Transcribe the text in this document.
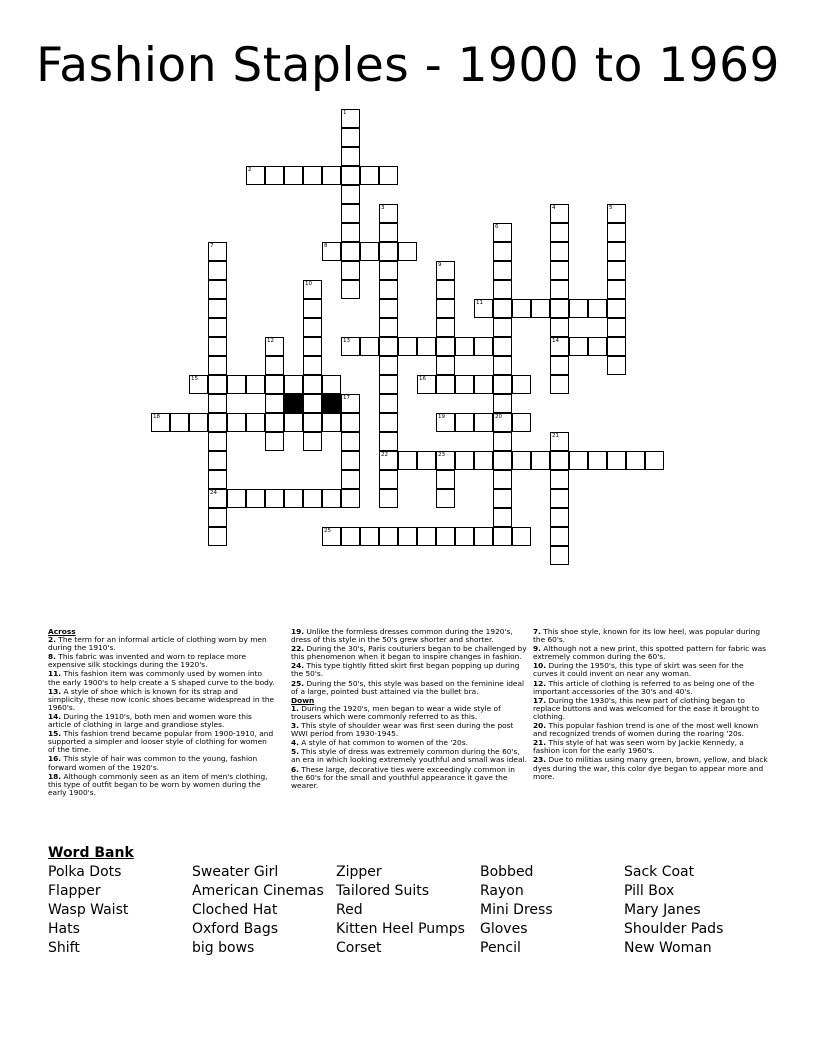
Fashion Staples - 1900 to 1969
1
2
3
22
4
14
5
6
20
7
24
8
9
10
11
12	13
15	16
17
18	19
21
23
25
Across

2. The term for an informal article of clothing worn by men during the 1910's.

8. This fabric was invented and worn to replace more expensive silk stockings during the 1920's.

11. This fashion item was commonly used by women into the early 1900's to help create a S shaped curve to the body.

13. A style of shoe which is known for its strap and simplicity, these now iconic shoes became widespread in the 1960's.

14. During the 1910's, both men and women wore this article of clothing in large and grandiose styles.

15. This fashion trend became popular from 1900-1910, and supported a simpler and looser style of clothing for women of the time.

16. This style of hair was common to the young, fashion forward women of the 1920's.

18. Although commonly seen as an item of men's clothing, this type of outfit began to be worn by women during the early 1900's.

19. Unlike the formless dresses common during the 1920's, dress of this style in the 50's grew shorter and shorter.

22. During the 30's, Paris couturiers began to be challenged by this phenomenon when it began to inspire changes in fashion.

24. This type tightly fitted skirt first began popping up during the 50's.

25. During the 50's, this style was based on the feminine ideal of a large, pointed bust attained via the bullet bra.

Down

1. During the 1920's, men began to wear a wide style of trousers which were commonly referred to as this.

3. This style of shoulder wear was first seen during the post WWI period from 1930-1945.

4. A style of hat common to women of the '20s.

5. This style of dress was extremely common during the 60's, an era in which looking extremely youthful and small was ideal.

6. These large, decorative ties were exceedingly common in the 60's for the small and youthful appearance it gave the wearer.

7. This shoe style, known for its low heel, was popular during the 60's.

9. Although not a new print, this spotted pattern for fabric was extremely common during the 60's.

10. During the 1950's, this type of skirt was seen for the curves it could invent on near any woman.

12. This article of clothing is referred to as being one of the important accessories of the 30's and 40's.

17. During the 1930's, this new part of clothing began to replace buttons and was welcomed for the ease it brought to clothing.

20. This popular fashion trend is one of the most well known and recognized trends of women during the roaring '20s.

21. This style of hat was seen worn by Jackie Kennedy, a fashion icon for the early 1960's.

23. Due to militias using many green, brown, yellow, and black dyes during the war, this color dye began to appear more and more.

Word Bank
Polka Dots
Flapper
Wasp Waist
Hats
Shift
Sweater Girl
American Cinemas
Cloched Hat
Oxford Bags
big bows
Zipper
Tailored Suits
Red
Kitten Heel Pumps
Corset
Bobbed
Rayon
Mini Dress
Gloves
Pencil
Sack Coat
Pill Box
Mary Janes
Shoulder Pads
New Woman
